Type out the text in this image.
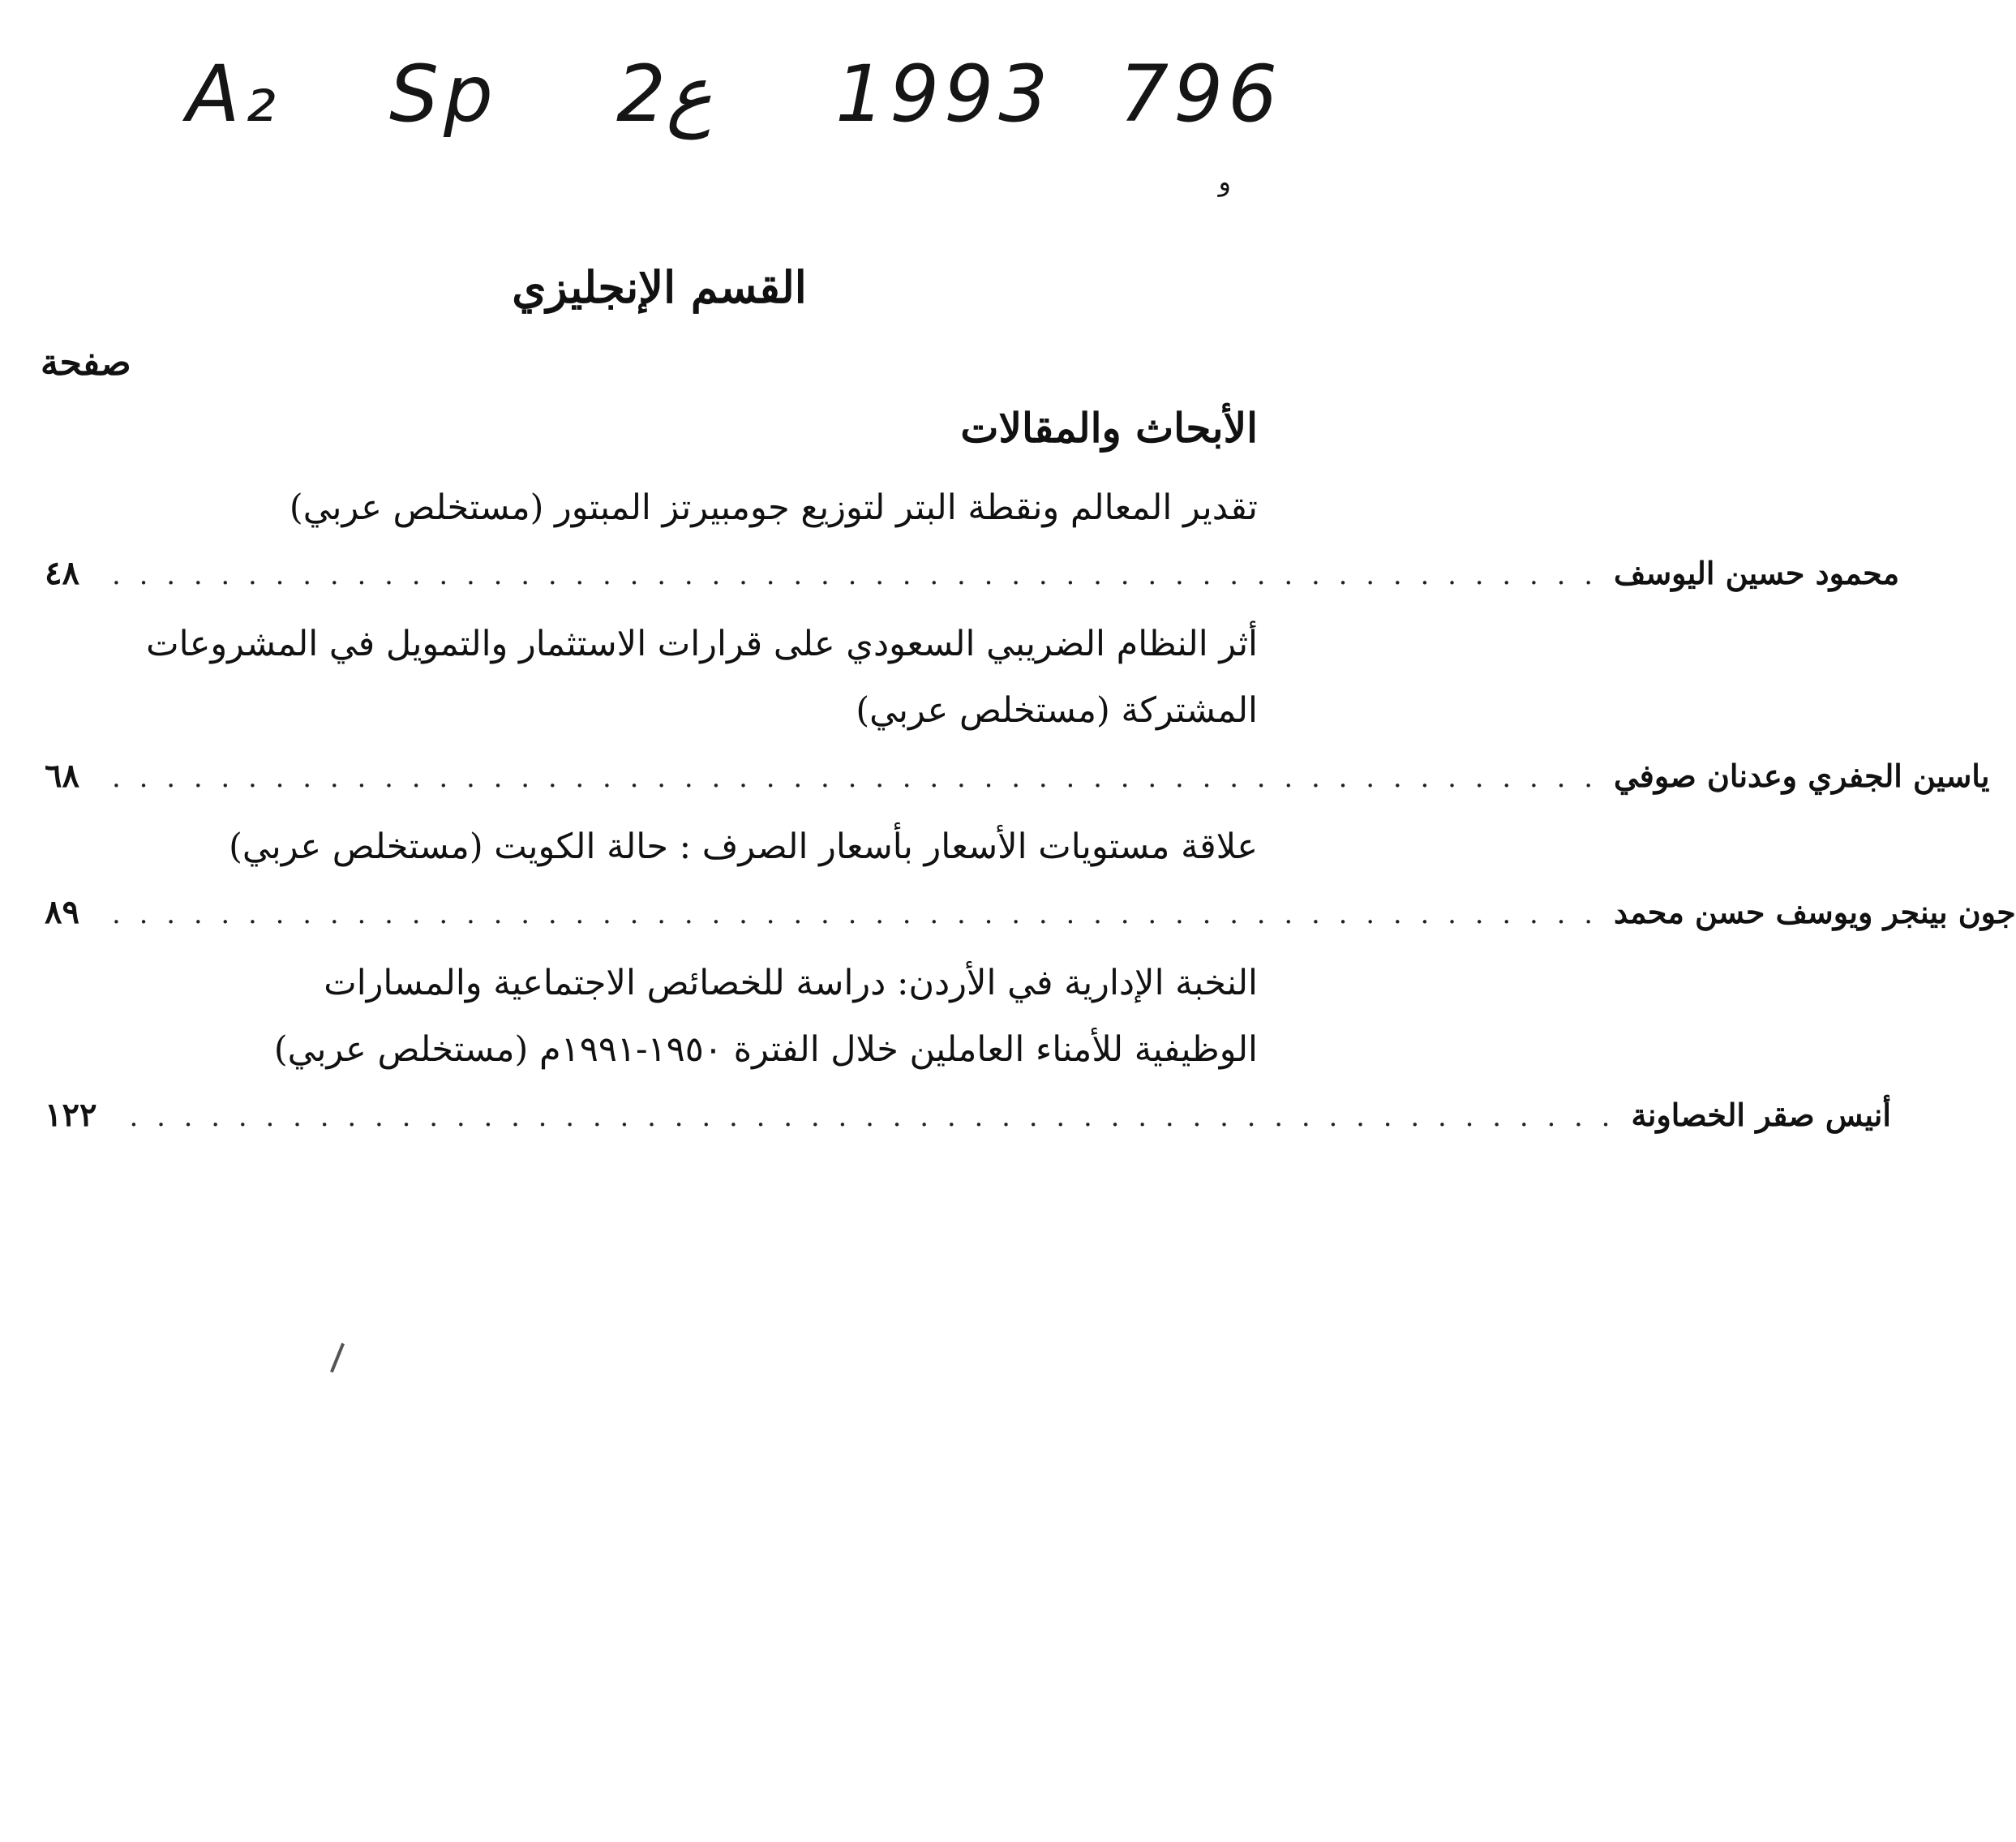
A₂ Sp 2ع 1993 796
و
القسم الإنجليزي
صفحة
الأبحاث والمقالات
تقدير المعالم ونقطة البتر لتوزيع جومبيرتز المبتور (مستخلص عربي)
٤٨ . . . . . . . . . . . . . . . . . . . . . . . . . . . . . . . . . . . . . . . . . . . . . . . . . . . . . . . محمود حسين اليوسف
أثر النظام الضريبي السعودي على قرارات الاستثمار والتمويل في المشروعات
المشتركة (مستخلص عربي)
٦٨ . . . . . . . . . . . . . . . . . . . . . . . . . . . . . . . . . . . . . . . . . . . . . . . . . . . . . . . ياسين الجفري وعدنان صوفي
علاقة مستويات الأسعار بأسعار الصرف : حالة الكويت (مستخلص عربي)
٨٩ . . . . . . . . . . . . . . . . . . . . . . . . . . . . . . . . . . . . . . . . . . . . . . . . . . . . . . . جون بينجر ويوسف حسن محمد
النخبة الإدارية في الأردن: دراسة للخصائص الاجتماعية والمسارات
الوظيفية للأمناء العاملين خلال الفترة ١٩٥٠-١٩٩١م (مستخلص عربي)
١٢٢ . . . . . . . . . . . . . . . . . . . . . . . . . . . . . . . . . . . . . . . . . . . . . . . . . . . . . . . أنيس صقر الخصاونة
